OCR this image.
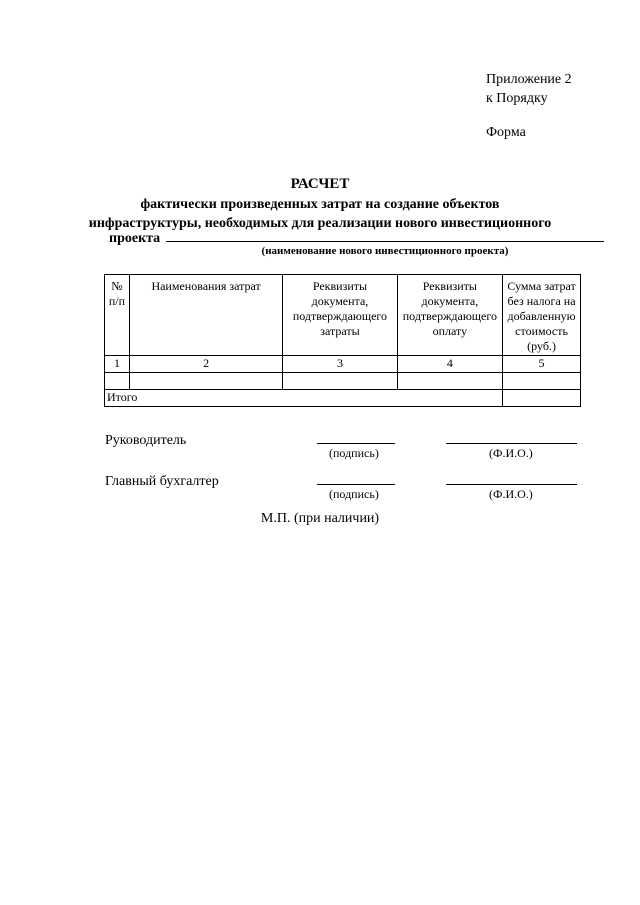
Приложение 2
к Порядку
Форма
РАСЧЕТ
фактически произведенных затрат на создание объектов
инфраструктуры, необходимых для реализации нового инвестиционного
проекта
(наименование нового инвестиционного проекта)
№ п/п	Наименования затрат	Реквизиты документа, подтверждающего затраты	Реквизиты документа, подтверждающего оплату	Сумма затрат без налога на добавленную стоимость (руб.)
1	2	3	4	5

Итого				
Руководитель
(подпись)	(Ф.И.О.)
Главный бухгалтер
(подпись)	(Ф.И.О.)
М.П. (при наличии)
